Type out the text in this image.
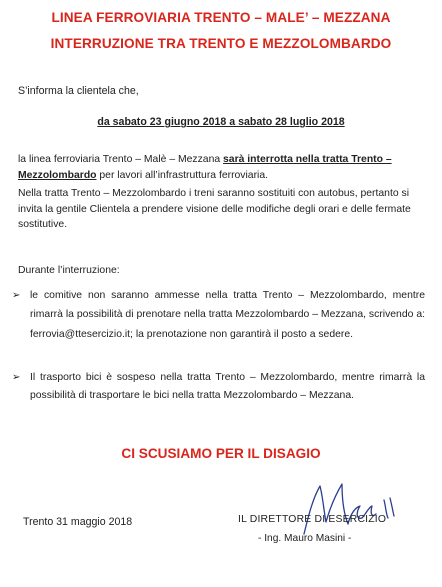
LINEA FERROVIARIA TRENTO – MALE’ – MEZZANA
INTERRUZIONE TRA TRENTO E MEZZOLOMBARDO
S’informa la clientela che,
da sabato 23 giugno 2018 a sabato 28 luglio 2018
la linea ferroviaria Trento – Malè – Mezzana sarà interrotta nella tratta Trento – Mezzolombardo per lavori all’infrastruttura ferroviaria.
Nella tratta Trento – Mezzolombardo i treni saranno sostituiti con autobus, pertanto si invita la gentile Clientela a prendere visione delle modifiche degli orari e delle fermate sostitutive.
Durante l’interruzione:
➢ le comitive non saranno ammesse nella tratta Trento – Mezzolombardo, mentre rimarrà la possibilità di prenotare nella tratta Mezzolombardo – Mezzana, scrivendo a: ferrovia@ttesercizio.it; la prenotazione non garantirà il posto a sedere.
➢ Il trasporto bici è sospeso nella tratta Trento – Mezzolombardo, mentre rimarrà la possibilità di trasportare le bici nella tratta Mezzolombardo – Mezzana.
CI SCUSIAMO PER IL DISAGIO
Trento 31 maggio 2018	IL DIRETTORE DI ESERCIZIO
- Ing. Mauro Masini -
